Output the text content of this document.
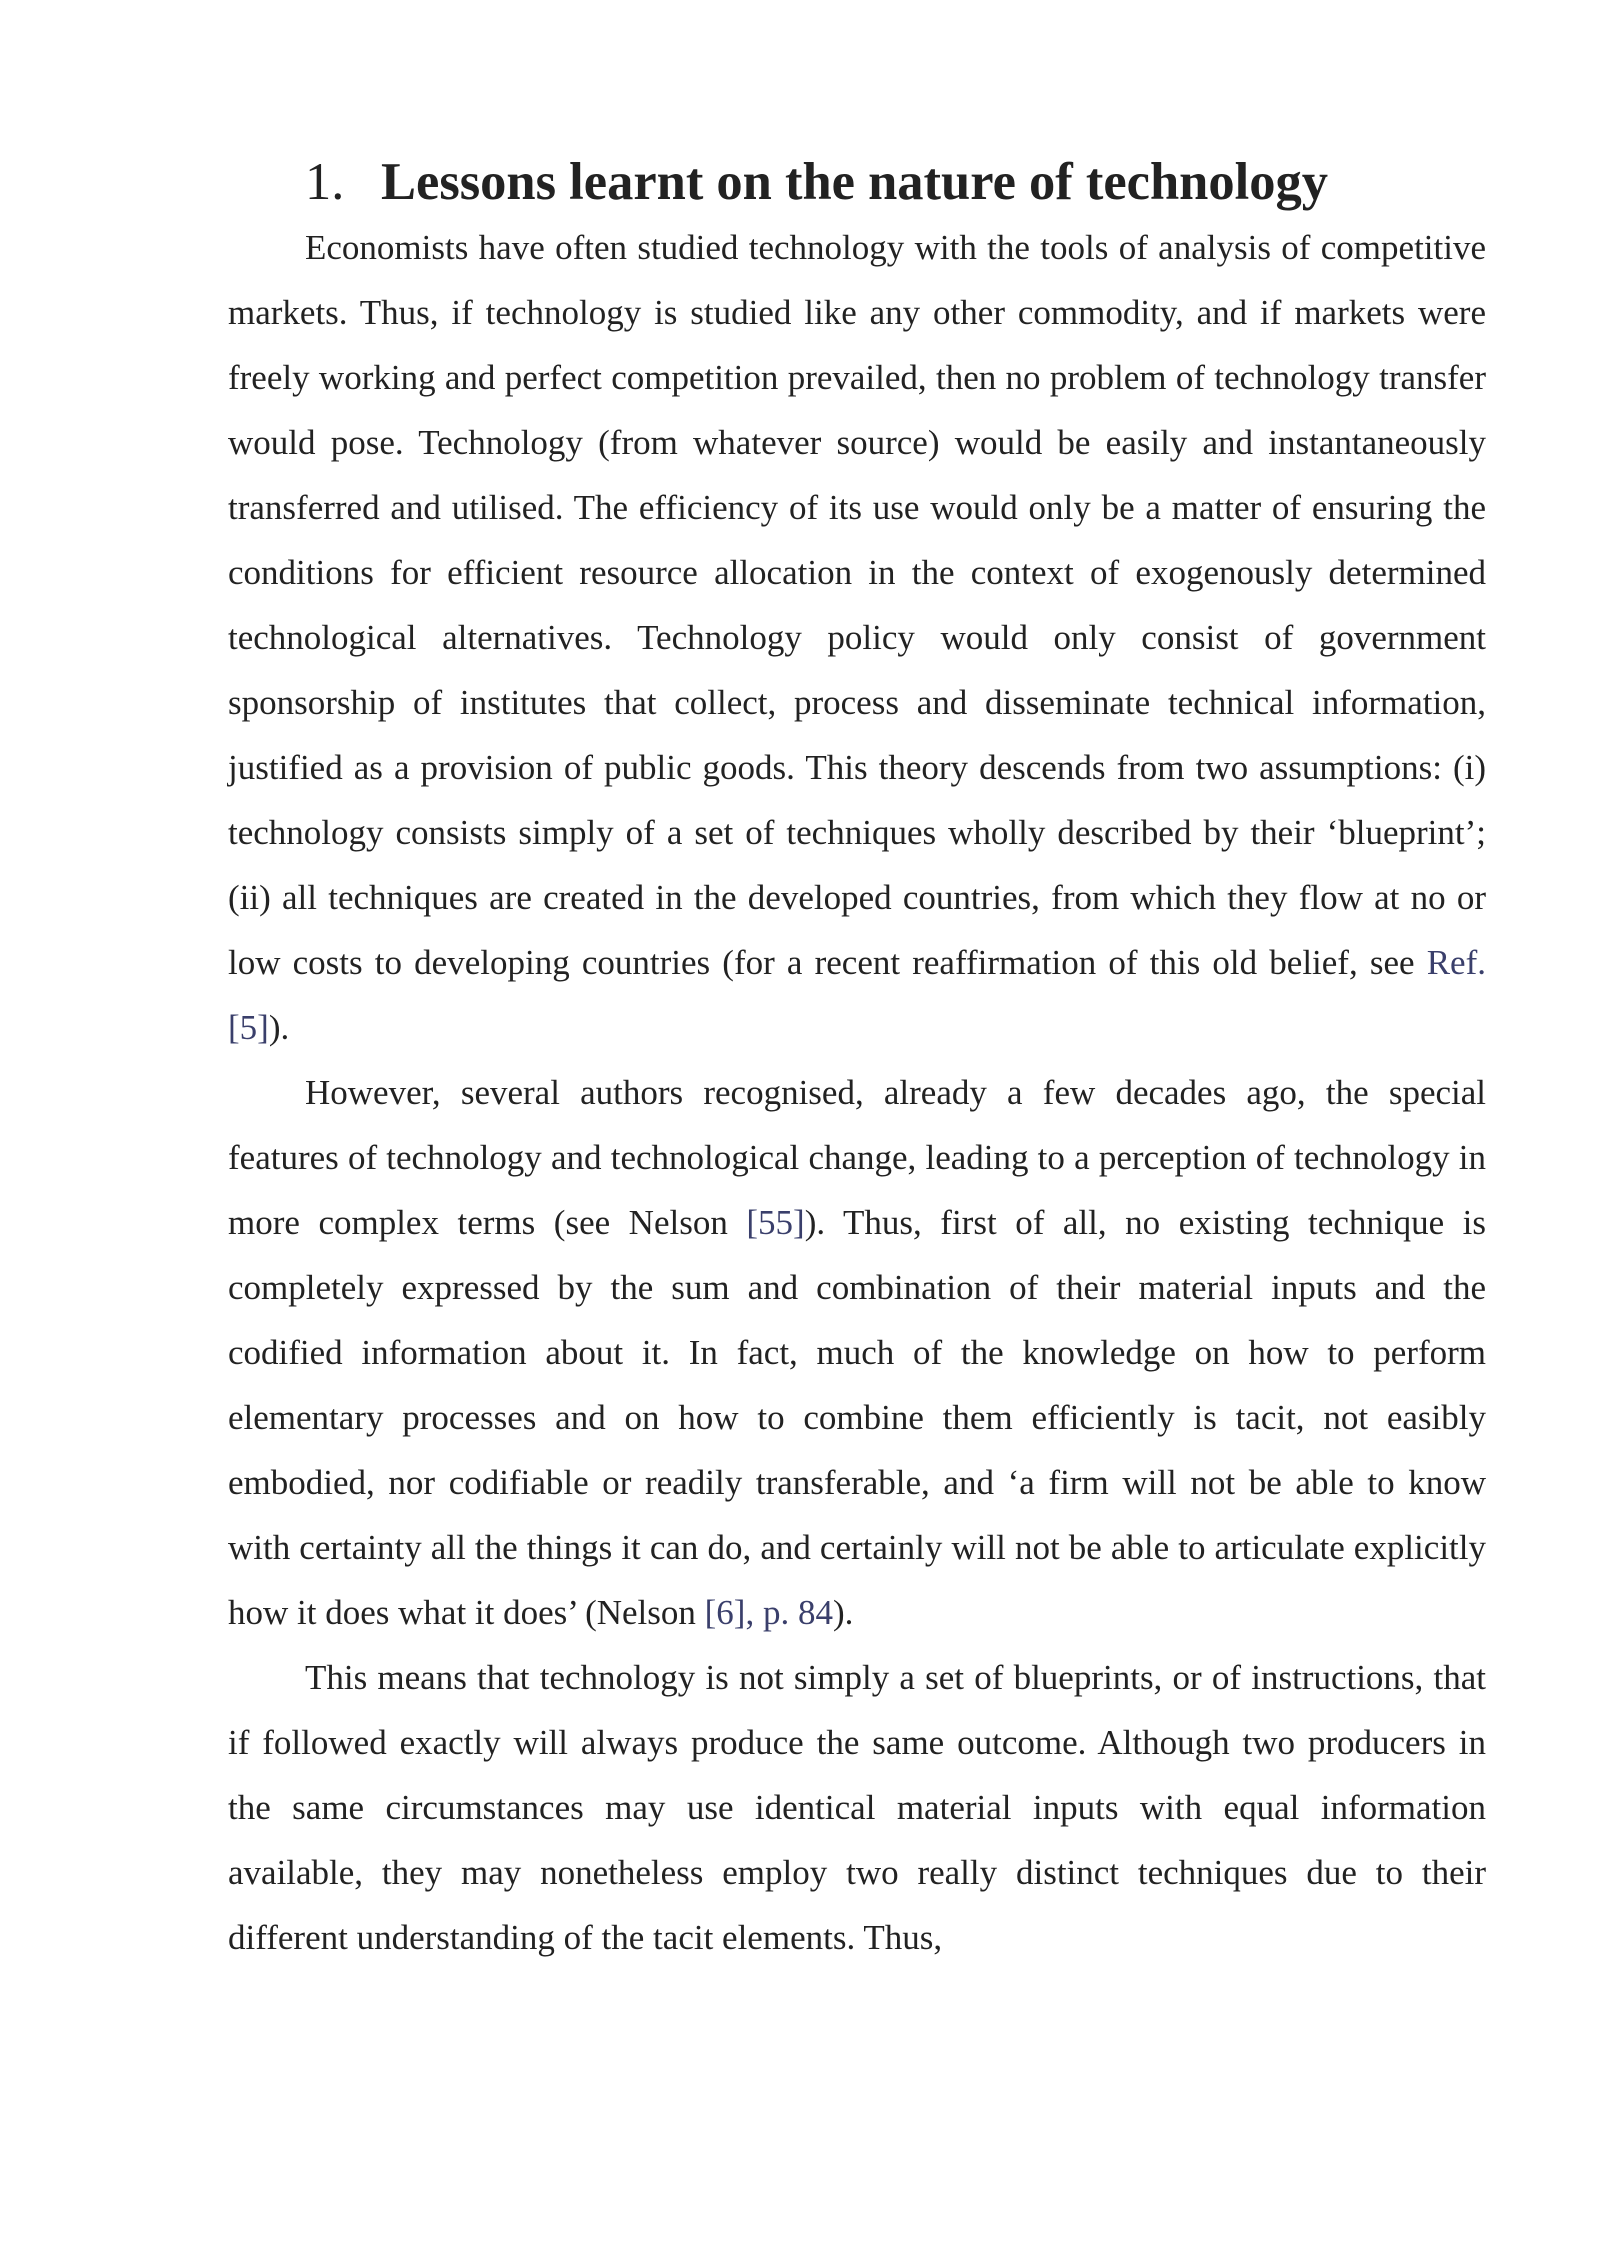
1. Lessons learnt on the nature of technology

Economists have often studied technology with the tools of analysis of competitive markets. Thus, if technology is studied like any other commodity, and if markets were freely working and perfect competition prevailed, then no problem of technology transfer would pose. Technology (from whatever source) would be easily and instantaneously transferred and utilised. The efficiency of its use would only be a matter of ensuring the conditions for efficient resource allocation in the context of exogenously determined technological alternatives. Technology policy would only consist of government sponsorship of institutes that collect, process and disseminate technical information, justified as a provision of public goods. This theory descends from two assumptions: (i) technology consists simply of a set of techniques wholly described by their ‘blueprint’; (ii) all techniques are created in the developed countries, from which they flow at no or low costs to developing countries (for a recent reaffirmation of this old belief, see Ref. [5]).

However, several authors recognised, already a few decades ago, the special features of technology and technological change, leading to a perception of technology in more complex terms (see Nelson [55]). Thus, first of all, no existing technique is completely expressed by the sum and combination of their material inputs and the codified information about it. In fact, much of the knowledge on how to perform elementary processes and on how to combine them efficiently is tacit, not easibly embodied, nor codifiable or readily transferable, and ‘a firm will not be able to know with certainty all the things it can do, and certainly will not be able to articulate explicitly how it does what it does’ (Nelson [6], p. 84).

This means that technology is not simply a set of blueprints, or of instructions, that if followed exactly will always produce the same outcome. Although two producers in the same circumstances may use identical material inputs with equal information available, they may nonetheless employ two really distinct techniques due to their different understanding of the tacit elements. Thus,
